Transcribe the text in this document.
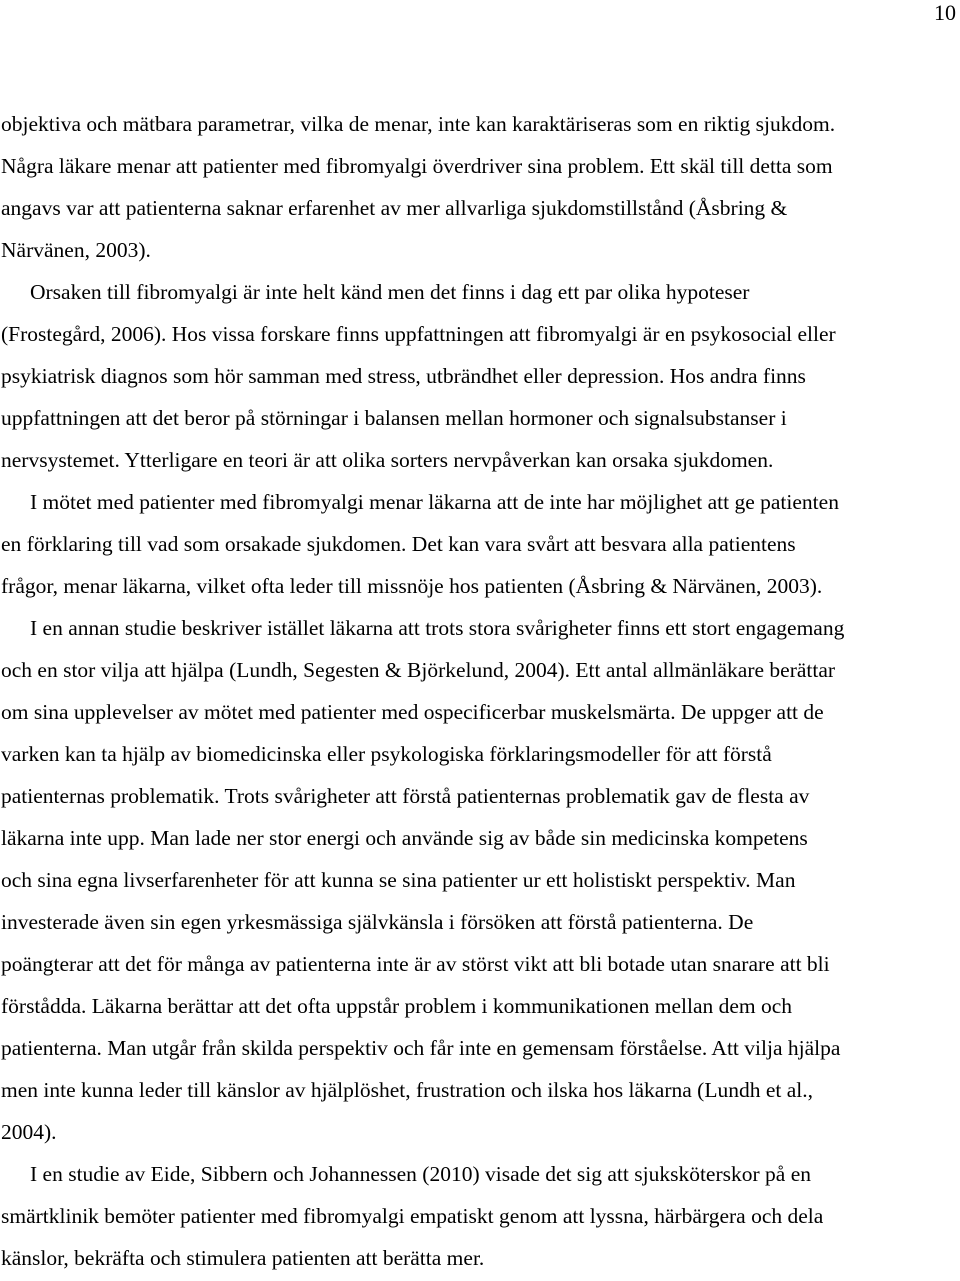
10
objektiva och mätbara parametrar, vilka de menar, inte kan karaktäriseras som en riktig sjukdom.
Några läkare menar att patienter med fibromyalgi överdriver sina problem. Ett skäl till detta som
angavs var att patienterna saknar erfarenhet av mer allvarliga sjukdomstillstånd (Åsbring &
Närvänen, 2003).
Orsaken till fibromyalgi är inte helt känd men det finns i dag ett par olika hypoteser
(Frostegård, 2006). Hos vissa forskare finns uppfattningen att fibromyalgi är en psykosocial eller
psykiatrisk diagnos som hör samman med stress, utbrändhet eller depression. Hos andra finns
uppfattningen att det beror på störningar i balansen mellan hormoner och signalsubstanser i
nervsystemet. Ytterligare en teori är att olika sorters nervpåverkan kan orsaka sjukdomen.
I mötet med patienter med fibromyalgi menar läkarna att de inte har möjlighet att ge patienten
en förklaring till vad som orsakade sjukdomen. Det kan vara svårt att besvara alla patientens
frågor, menar läkarna, vilket ofta leder till missnöje hos patienten (Åsbring & Närvänen, 2003).
I en annan studie beskriver istället läkarna att trots stora svårigheter finns ett stort engagemang
och en stor vilja att hjälpa (Lundh, Segesten & Björkelund, 2004). Ett antal allmänläkare berättar
om sina upplevelser av mötet med patienter med ospecificerbar muskelsmärta. De uppger att de
varken kan ta hjälp av biomedicinska eller psykologiska förklaringsmodeller för att förstå
patienternas problematik. Trots svårigheter att förstå patienternas problematik gav de flesta av
läkarna inte upp. Man lade ner stor energi och använde sig av både sin medicinska kompetens
och sina egna livserfarenheter för att kunna se sina patienter ur ett holistiskt perspektiv. Man
investerade även sin egen yrkesmässiga självkänsla i försöken att förstå patienterna. De
poängterar att det för många av patienterna inte är av störst vikt att bli botade utan snarare att bli
förstådda. Läkarna berättar att det ofta uppstår problem i kommunikationen mellan dem och
patienterna. Man utgår från skilda perspektiv och får inte en gemensam förståelse. Att vilja hjälpa
men inte kunna leder till känslor av hjälplöshet, frustration och ilska hos läkarna (Lundh et al.,
2004).
I en studie av Eide, Sibbern och Johannessen (2010) visade det sig att sjuksköterskor på en
smärtklinik bemöter patienter med fibromyalgi empatiskt genom att lyssna, härbärgera och dela
känslor, bekräfta och stimulera patienten att berätta mer.
